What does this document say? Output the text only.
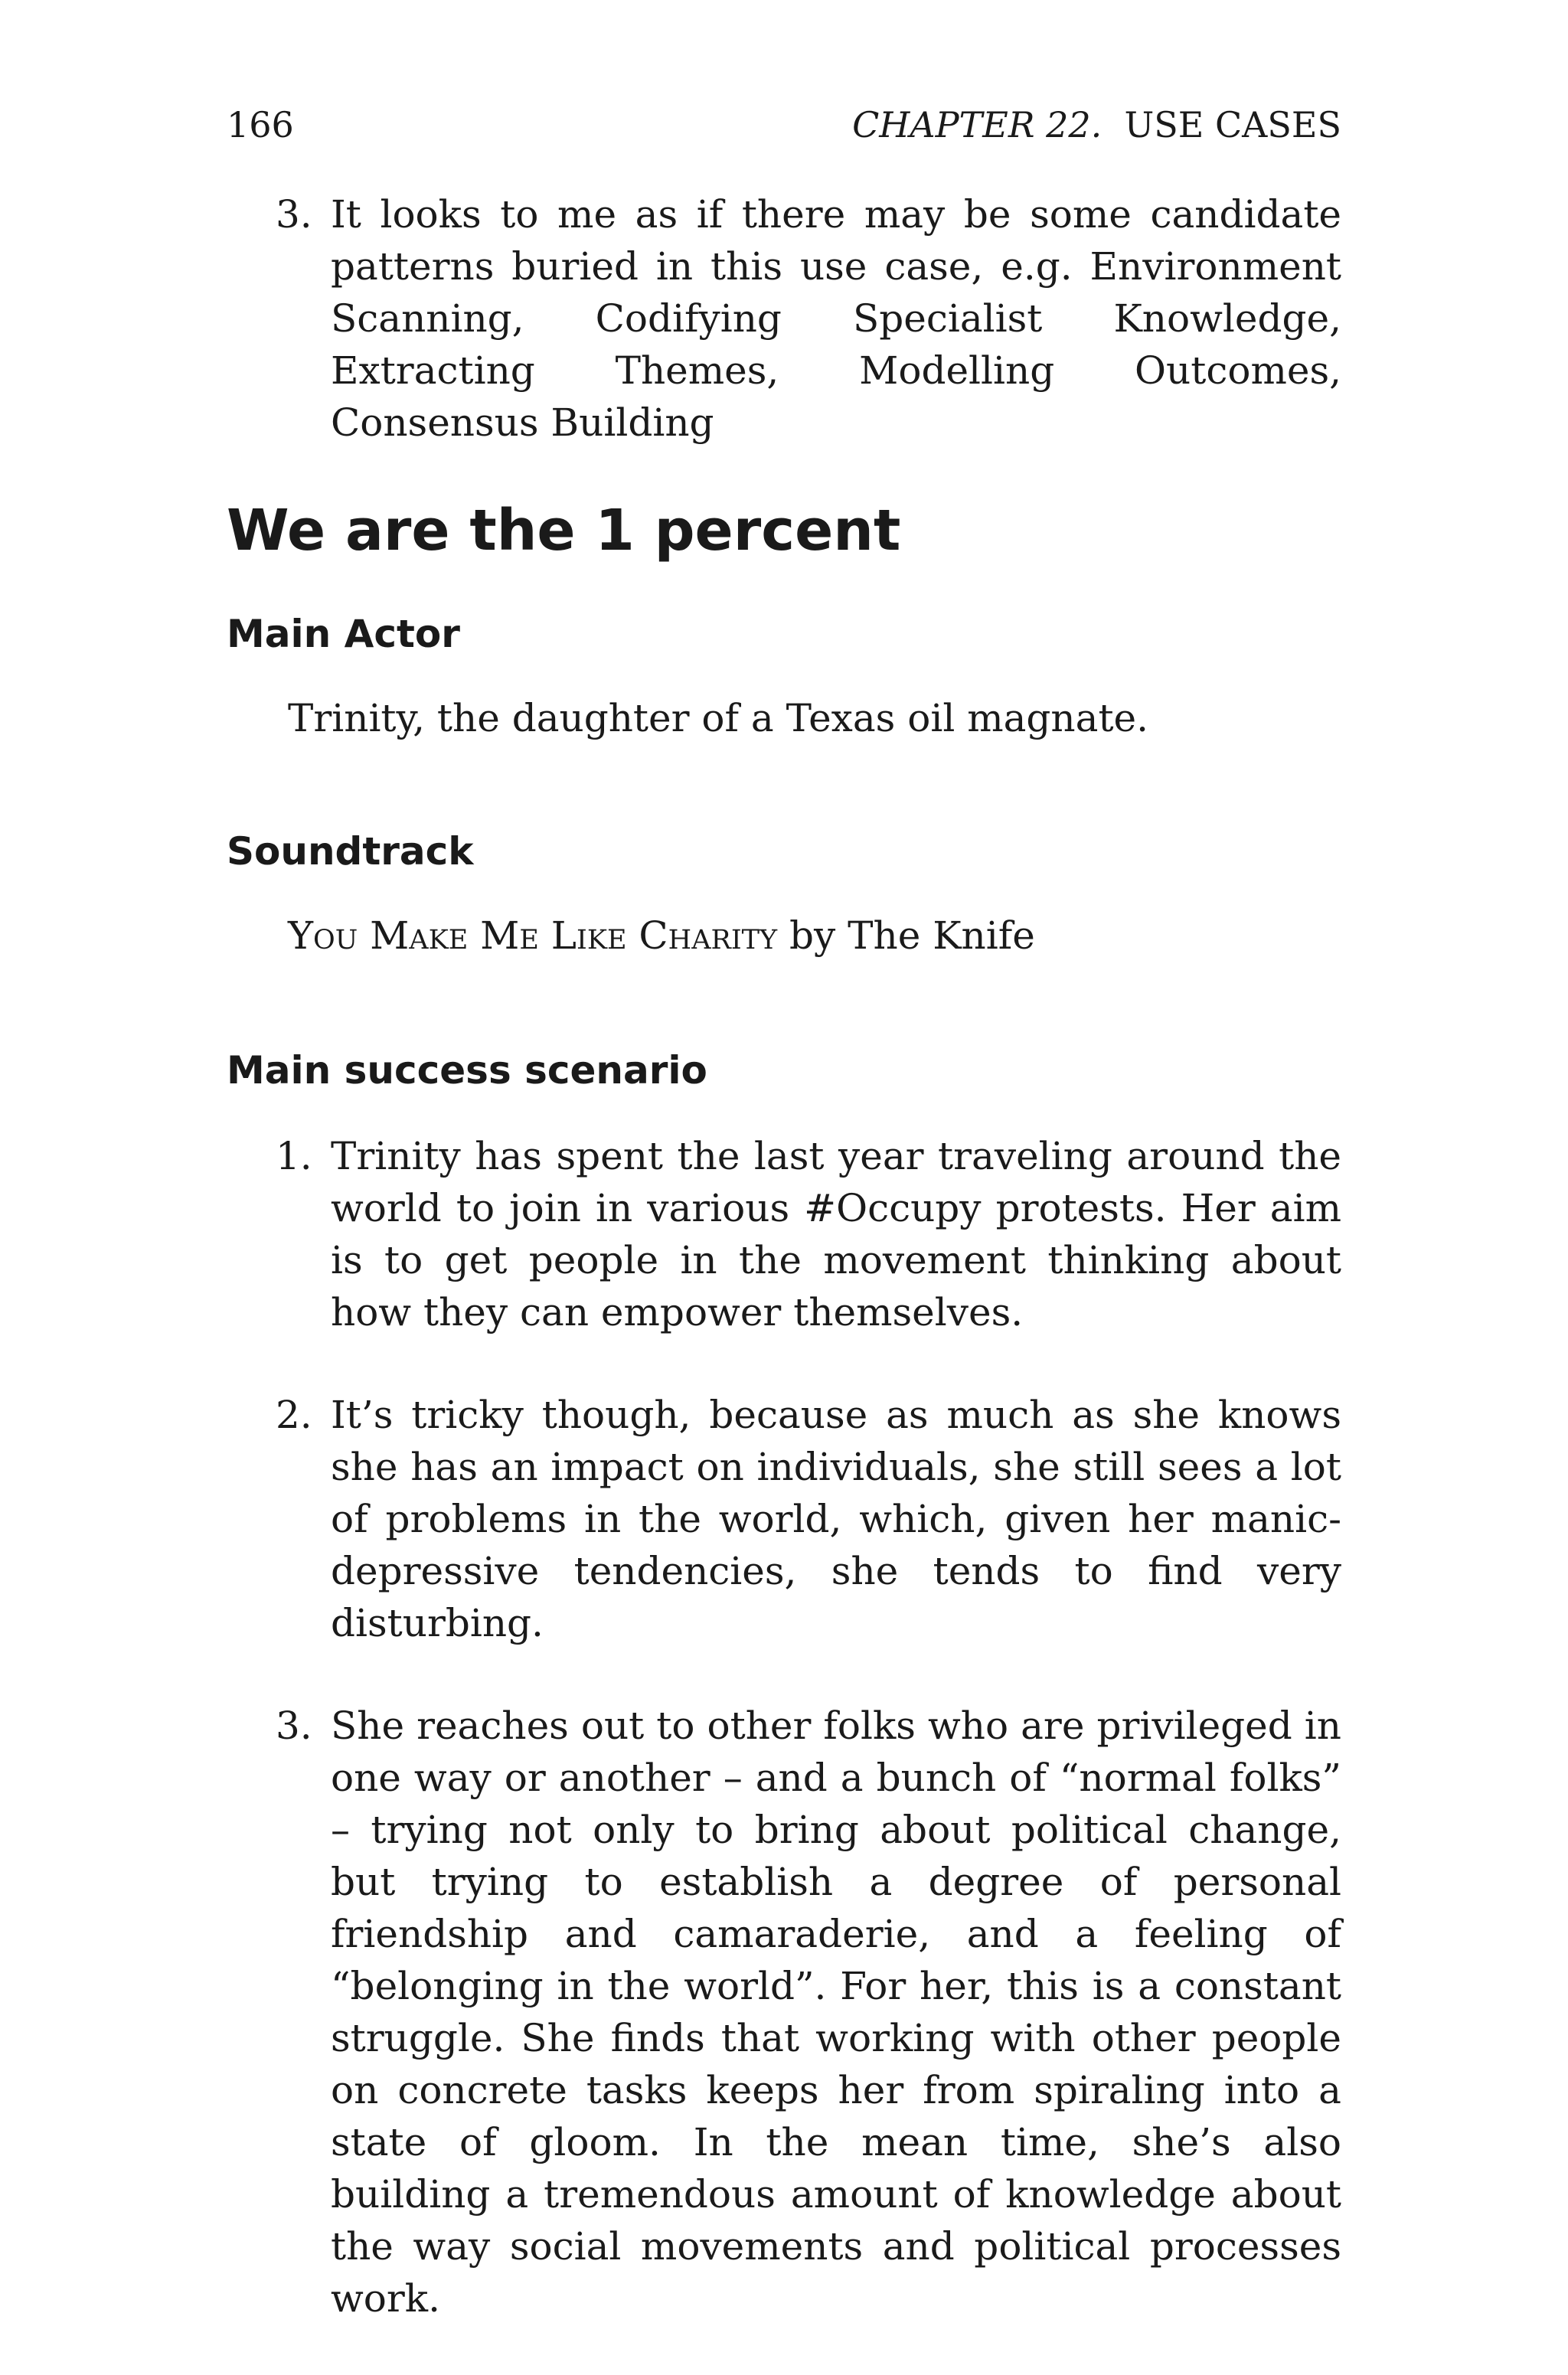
166	CHAPTER 22. USE CASES
3. It looks to me as if there may be some candidate patterns buried in this use case, e.g. Environment Scanning, Codifying Specialist Knowledge, Extracting Themes, Modelling Outcomes, Consensus Building

We are the 1 percent
Main Actor
Trinity, the daughter of a Texas oil magnate.
Soundtrack
You Make Me Like Charity by The Knife
Main success scenario
1. Trinity has spent the last year traveling around the world to join in various #Occupy protests. Her aim is to get people in the movement thinking about how they can empower themselves.

2. It’s tricky though, because as much as she knows she has an impact on individuals, she still sees a lot of problems in the world, which, given her manic-depressive tendencies, she tends to find very disturbing.

3. She reaches out to other folks who are privileged in one way or another – and a bunch of “normal folks” – trying not only to bring about political change, but trying to establish a degree of personal friendship and camaraderie, and a feeling of “belonging in the world”. For her, this is a constant struggle. She finds that working with other people on concrete tasks keeps her from spiraling into a state of gloom. In the mean time, she’s also building a tremendous amount of knowledge about the way social movements and political processes work.
